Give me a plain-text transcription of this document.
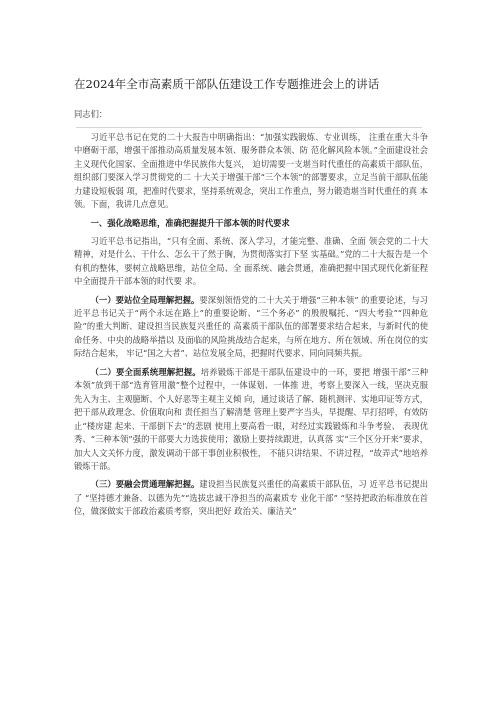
在2024年全市高素质干部队伍建设工作专题推进会上的讲话
同志们：

习近平总书记在党的二十大报告中明确指出：“加强实践锻炼、专业训练， 注重在重大斗争中磨砺干部，增强干部推动高质量发展本领、服务群众本领、防 范化解风险本领。”全面建设社会主义现代化国家、全面推进中华民族伟大复兴， 迫切需要一支堪当时代重任的高素质干部队伍，组织部门要深入学习贯彻党的二 十大关于增强干部“三个本领”的部署要求，立足当前干部队伍能力建设短板弱 项，把准时代要求，坚持系统观念，突出工作重点，努力锻造堪当时代重任的真 本 领。下面，我讲几点意见。

一、强化战略思维，准确把握提升干部本领的时代要求

习近平总书记指出，“只有全面、系统、深入学习，才能完整、准确、全面 领会党的二十大精神，对是什么、干什么、怎么干了然于胸，为贯彻落实打下坚 实基础。”党的二十大报告是一个有机的整体，要树立战略思维，站位全局、全 面系统、融会贯通，准确把握中国式现代化新征程中全面提升干部本领的时代要 求。

（一）要站位全局理解把握。要深刻领悟党的二十大关于增强“三种本领” 的重要论述，与习近平总书记关于“两个永远在路上”的重要论断、“三个务必” 的殷殷嘱托、“四大考验”“四种危险”的重大判断、建设担当民族复兴重任的 高素质干部队伍的部署要求结合起来，与新时代的使命任务、中央的战略举措以 及面临的风险挑战结合起来，与所在地方、所在领域、所在岗位的实际结合起来， 牢记“国之大者”、站位发展全局，把握时代要求、同向同频共振。

（二）要全面系统理解把握。培养锻炼干部是干部队伍建设中的一环，要把 增强干部“三种本领”放到干部“选育管用激”整个过程中，一体谋划、一体推 进，考察上要深入一线，坚决克服先入为主、主观臆断、个人好恶等主观主义倾 向，通过谈话了解、随机测评、实地印证等方式，把干部从政理念、价值取向和 责任担当了解清楚 管理上要严字当头，早提醒、早打招呼，有效防止“楼房建 起来、干部倒下去”的悲剧 使用上要高看一眼，对经过实践锻炼和斗争考验、 表现优秀、“三种本领”强的干部要大力选拔使用；激励上要持续跟进，认真落 实“三个区分开来”要求，加大人文关怀力度，激发调动干部干事创业积极性， 不能只讲结果、不讲过程，“故弄式”地培养锻炼干部。

（三）要融会贯通理解把握。建设担当民族复兴重任的高素质干部队伍，习 近平总书记提出了 “坚持德才兼备、以德为先”“选拔忠诚干净担当的高素质专 业化干部” “坚持把政治标准放在首位，做深做实干部政治素质考察，突出把好 政治关、廉洁关”
